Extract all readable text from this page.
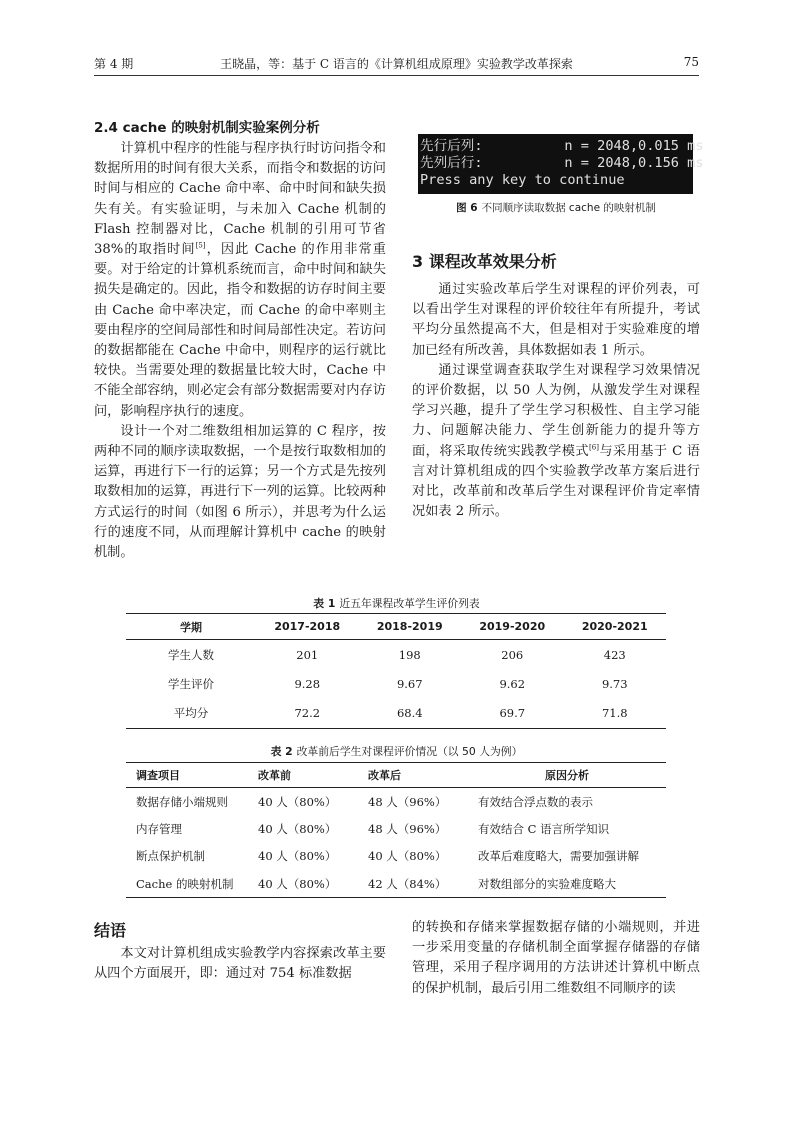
第 4 期	王晓晶，等：基于 C 语言的《计算机组成原理》实验教学改革探索	75
2.4 cache 的映射机制实验案例分析

计算机中程序的性能与程序执行时访问指令和数据所用的时间有很大关系，而指令和数据的访问时间与相应的 Cache 命中率、命中时间和缺失损失有关。有实验证明，与未加入 Cache 机制的 Flash 控制器对比，Cache 机制的引用可节省 38%的取指时间[5]，因此 Cache 的作用非常重要。对于给定的计算机系统而言，命中时间和缺失损失是确定的。因此，指令和数据的访存时间主要由 Cache 命中率决定，而 Cache 的命中率则主要由程序的空间局部性和时间局部性决定。若访问的数据都能在 Cache 中命中，则程序的运行就比较快。当需要处理的数据量比较大时，Cache 中不能全部容纳，则必定会有部分数据需要对内存访问，影响程序执行的速度。

设计一个对二维数组相加运算的 C 程序，按两种不同的顺序读取数据，一个是按行取数相加的运算，再进行下一行的运算；另一个方式是先按列取数相加的运算，再进行下一列的运算。比较两种方式运行的时间（如图 6 所示），并思考为什么运行的速度不同，从而理解计算机中 cache 的映射机制。

先行后列:          n = 2048,0.015 ms
先列后行:          n = 2048,0.156 ms
Press any key to continue
图 6 不同顺序读取数据 cache 的映射机制
3 课程改革效果分析

通过实验改革后学生对课程的评价列表，可以看出学生对课程的评价较往年有所提升，考试平均分虽然提高不大，但是相对于实验难度的增加已经有所改善，具体数据如表 1 所示。

通过课堂调查获取学生对课程学习效果情况的评价数据，以 50 人为例，从激发学生对课程学习兴趣，提升了学生学习积极性、自主学习能力、问题解决能力、学生创新能力的提升等方面，将采取传统实践教学模式[6]与采用基于 C 语言对计算机组成的四个实验教学改革方案后进行对比，改革前和改革后学生对课程评价肯定率情况如表 2 所示。

表 1 近五年课程改革学生评价列表
学期	2017-2018	2018-2019	2019-2020	2020-2021
学生人数	201	198	206	423
学生评价	9.28	9.67	9.62	9.73
平均分	72.2	68.4	69.7	71.8
表 2 改革前后学生对课程评价情况（以 50 人为例）
调查项目	改革前	改革后	原因分析
数据存储小端规则	40 人（80%）	48 人（96%）	有效结合浮点数的表示
内存管理	40 人（80%）	48 人（96%）	有效结合 C 语言所学知识
断点保护机制	40 人（80%）	40 人（80%）	改革后难度略大，需要加强讲解
Cache 的映射机制	40 人（80%）	42 人（84%）	对数组部分的实验难度略大
结语

本文对计算机组成实验教学内容探索改革主要从四个方面展开，即：通过对 754 标准数据

的转换和存储来掌握数据存储的小端规则，并进一步采用变量的存储机制全面掌握存储器的存储管理，采用子程序调用的方法讲述计算机中断点的保护机制，最后引用二维数组不同顺序的读
